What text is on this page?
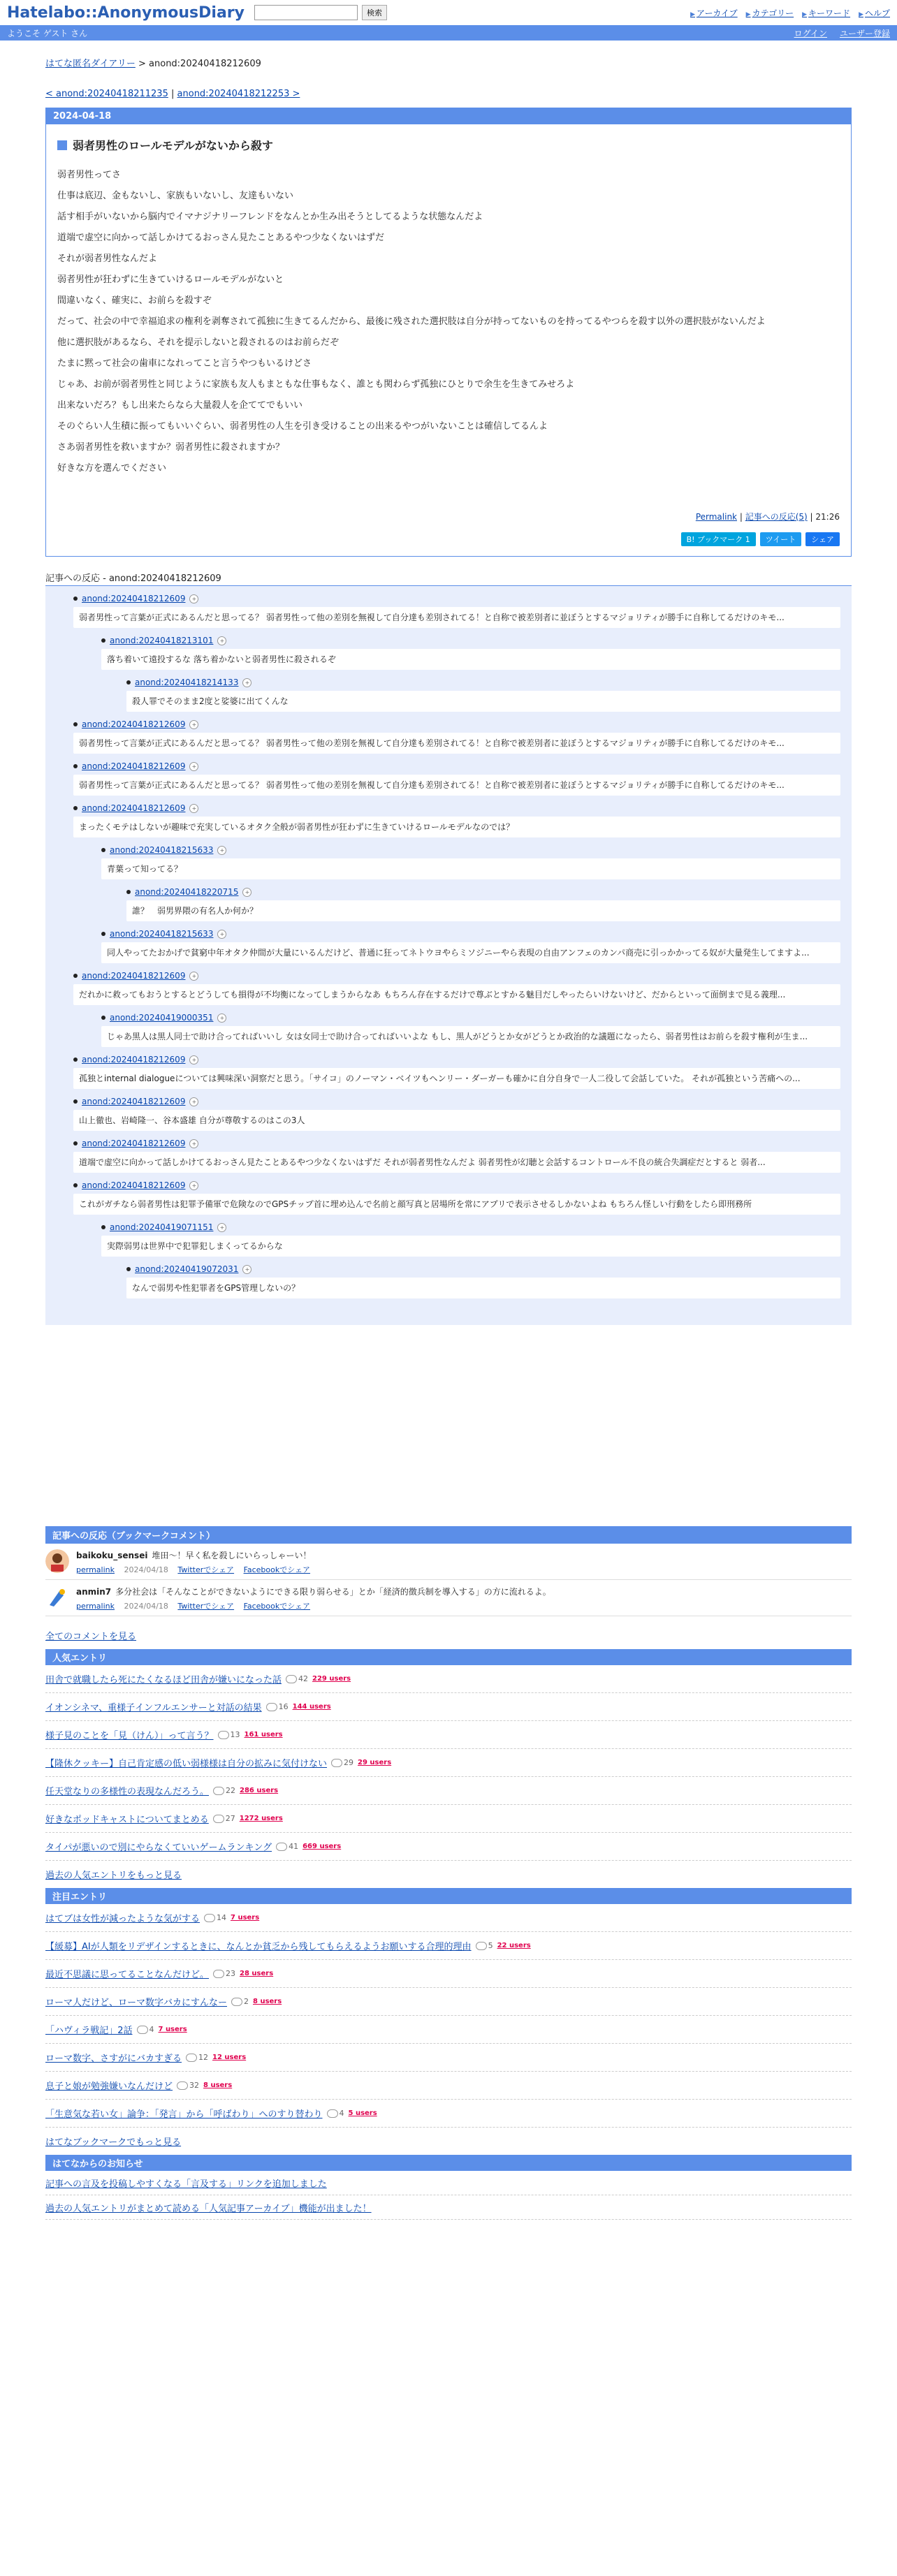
Hatelabo::AnonymousDiary	検索	▶ アーカイブ	▶ カテゴリー	▶ キーワード	▶ ヘルプ
ようこそ ゲスト さん	ログイン ユーザー登録
はてな匿名ダイアリー > anond:20240418212609
< anond:20240418211235 | anond:20240418212253 >
2024-04-18
弱者男性のロールモデルがないから殺す

弱者男性ってさ

仕事は底辺、金もないし、家族もいないし、友達もいない

話す相手がいないから脳内でイマナジナリーフレンドをなんとか生み出そうとしてるような状態なんだよ

道端で虚空に向かって話しかけてるおっさん見たことあるやつ少なくないはずだ

それが弱者男性なんだよ

弱者男性が狂わずに生きていけるロールモデルがないと

間違いなく、確実に、お前らを殺すぞ

だって、社会の中で幸福追求の権利を剥奪されて孤独に生きてるんだから、最後に残された選択肢は自分が持ってないものを持ってるやつらを殺す以外の選択肢がないんだよ

他に選択肢があるなら、それを提示しないと殺されるのはお前らだぞ

たまに黙って社会の歯車になれってこと言うやつもいるけどさ

じゃあ、お前が弱者男性と同じように家族も友人もまともな仕事もなく、誰とも関わらず孤独にひとりで余生を生きてみせろよ

出来ないだろ？もし出来たらなら大量殺人を企ててでもいい

そのぐらい人生積に振ってもいいぐらい、弱者男性の人生を引き受けることの出来るやつがいないことは確信してるんよ

さあ弱者男性を救いますか？弱者男性に殺されますか？

好きな方を選んでください

Permalink | 記事への反応(5) | 21:26
B! ブックマーク 1	ツイート	シェア
記事への反応 - anond:20240418212609
anond:20240418212609	+
弱者男性って言葉が正式にあるんだと思ってる？ 弱者男性って他の差別を無視して自分達も差別されてる！と自称で被差別者に並ぼうとするマジョリティが勝手に自称してるだけのキモ...
anond:20240418213101	+
落ち着いて遠投するな 落ち着かないと弱者男性に殺されるぞ
anond:20240418214133	+
殺人罪でそのまま2度と娑婆に出てくんな
anond:20240418212609	+
弱者男性って言葉が正式にあるんだと思ってる？ 弱者男性って他の差別を無視して自分達も差別されてる！と自称で被差別者に並ぼうとするマジョリティが勝手に自称してるだけのキモ...
anond:20240418212609	+
弱者男性って言葉が正式にあるんだと思ってる？ 弱者男性って他の差別を無視して自分達も差別されてる！と自称で被差別者に並ぼうとするマジョリティが勝手に自称してるだけのキモ...
anond:20240418212609	+
まったくモテはしないが趣味で充実しているオタク全般が弱者男性が狂わずに生きていけるロールモデルなのでは？
anond:20240418215633	+
青葉って知ってる？
anond:20240418220715	+
誰？　弱男界隈の有名人か何か？
anond:20240418215633	+
同人やってたおかげで貧窮中年オタク仲間が大量にいるんだけど、普通に狂ってネトウヨやらミソジニーやら表現の自由アンフェのカンパ商売に引っかかってる奴が大量発生してますよ...
anond:20240418212609	+
だれかに救ってもおうとするとどうしても損得が不均衡になってしまうからなあ もちろん存在するだけで尊ぶとすかる魅目だしやったらいけないけど、だからといって面倒まで見る義理...
anond:20240419000351	+
じゃあ黒人は黒人同士で助け合ってればいいし 女は女同士で助け合ってればいいよな もし、黒人がどうとか女がどうとか政治的な議題になったら、弱者男性はお前らを殺す権利が生ま...
anond:20240418212609	+
孤独とinternal dialogueについては興味深い洞察だと思う。「サイコ」のノーマン・ベイツもヘンリー・ダーガーも確かに自分自身で一人二役して会話していた。 それが孤独という苦痛への...
anond:20240418212609	+
山上徹也、岩崎隆一、谷本盛雄 自分が尊敬するのはこの3人
anond:20240418212609	+
道端で虚空に向かって話しかけてるおっさん見たことあるやつ少なくないはずだ それが弱者男性なんだよ 弱者男性が幻聴と会話するコントロール不良の統合失調症だとすると 弱者...
anond:20240418212609	+
これがガチなら弱者男性は犯罪予備軍で危険なのでGPSチップ首に埋め込んで名前と顔写真と居場所を常にアプリで表示させるしかないよね もちろん怪しい行動をしたら即刑務所
anond:20240419071151	+
実際弱男は世界中で犯罪犯しまくってるからな
anond:20240419072031	+
なんで弱男や性犯罪者をGPS管理しないの？
記事への反応（ブックマークコメント）
baikoku_sensei 堆田〜！早く私を殺しにいらっしゃーい！
permalink 2024/04/18 Twitterでシェア Facebookでシェア
anmin7 多分社会は「そんなことができないようにできる限り弱らせる」とか「経済的徴兵制を導入する」の方に流れるよ。
permalink 2024/04/18 Twitterでシェア Facebookでシェア
全てのコメントを見る
人気エントリ
田舎で就職したら死にたくなるほど田舎が嫌いになった話	42 229 users
イオンシネマ、重様子インフルエンサーと対話の結果	16 144 users
様子見のことを「見（けん）」って言う？	13 161 users
【隆休クッキー】自己肯定感の低い弱様様は自分の拡みに気付けない	29 29 users
任天堂なりの多様性の表現なんだろう。	22 286 users
好きなポッドキャストについてまとめる	27 1272 users
タイパが悪いので別にやらなくていいゲームランキング	41 669 users
過去の人気エントリをもっと見る
注目エントリ
はてブは女性が減ったような気がする	14 7 users
【緩募】AIが人類をリデザインするときに、なんとか貧乏から残してもらえるようお願いする合理的理由	5 22 users
最近不思議に思ってることなんだけど。	23 28 users
ローマ人だけど、ローマ数字バカにすんなー	2 8 users
「ハヴィラ戦記」2話	4 7 users
ローマ数字、さすがにバカすぎる	12 12 users
息子と娘が勉強嫌いなんだけど	32 8 users
「生意気な若い女」論争：「発言」から「呼ばわり」へのすり替わり	4 5 users
はてなブックマークでもっと見る
はてなからのお知らせ
記事への言及を投稿しやすくなる「言及する」リンクを追加しました
過去の人気エントリがまとめて読める「人気記事アーカイブ」機能が出ました！
